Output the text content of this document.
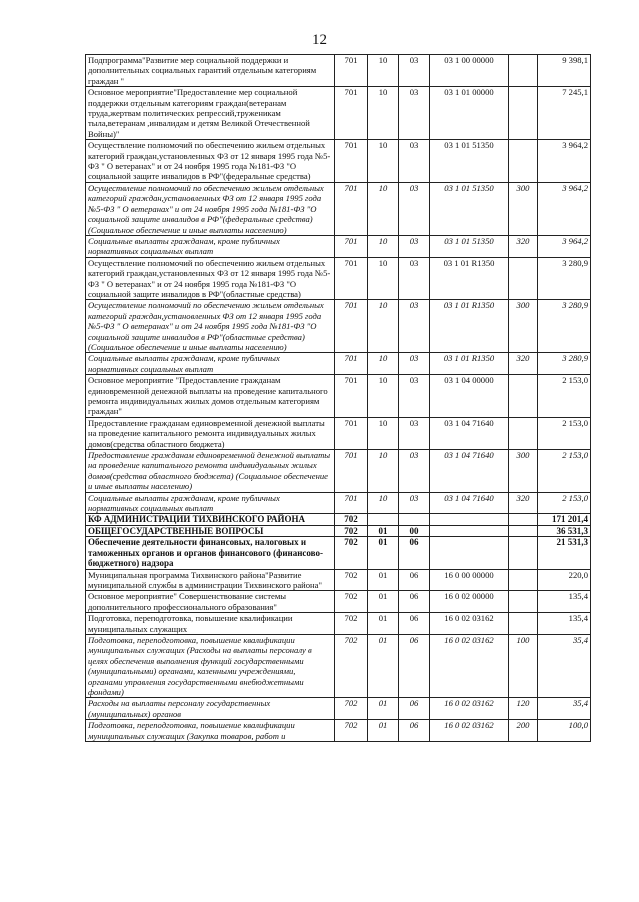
12
Подпрограмма"Развитие мер социальной поддержки и дополнительных социальных гарантий отдельным категориям граждан "	701	10	03	03 1 00 00000		9 398,1
Основное мероприятие"Предоставление мер социальной поддержки отдельным категориям граждан(ветеранам труда,жертвам политических репрессий,труженикам тыла,ветеранам ,инвалидам и детям Великой Отечественной Войны)"	701	10	03	03 1 01 00000		7 245,1
Осуществление полномочий по обеспечению жильем отдельных категорий граждан,установленных ФЗ от 12 января 1995 года №5-ФЗ " О ветеранах" и от 24 ноября 1995 года №181-ФЗ "О социальной защите инвалидов в РФ"(федеральные средства)	701	10	03	03 1 01 51350		3 964,2
Осуществление полномочий по обеспечению жильем отдельных категорий граждан,установленных ФЗ от 12 января 1995 года №5-ФЗ " О ветеранах" и от 24 ноября 1995 года №181-ФЗ "О социальной защите инвалидов в РФ"(федеральные средства) (Социальное обеспечение и иные выплаты населению)	701	10	03	03 1 01 51350	300	3 964,2
Социальные выплаты гражданам, кроме публичных нормативных социальных выплат	701	10	03	03 1 01 51350	320	3 964,2
Осуществление полномочий по обеспечению жильем отдельных категорий граждан,установленных ФЗ от 12 января 1995 года №5-ФЗ " О ветеранах" и от 24 ноября 1995 года №181-ФЗ "О социальной защите инвалидов в РФ"(областные средства)	701	10	03	03 1 01 R1350		3 280,9
Осуществление полномочий по обеспечению жильем отдельных категорий граждан,установленных ФЗ от 12 января 1995 года №5-ФЗ " О ветеранах" и от 24 ноября 1995 года №181-ФЗ "О социальной защите инвалидов в РФ"(областные средства) (Социальное обеспечение и иные выплаты населению)	701	10	03	03 1 01 R1350	300	3 280,9
Социальные выплаты гражданам, кроме публичных нормативных социальных выплат	701	10	03	03 1 01 R1350	320	3 280,9
Основное мероприятие "Предоставление гражданам единовременной денежной выплаты на проведение капитального ремонта индивидуальных жилых домов отдельным категориям граждан"	701	10	03	03 1 04 00000		2 153,0
Предоставление гражданам единовременной денежной выплаты на проведение капитального ремонта индивидуальных жилых домов(средства областного бюджета)	701	10	03	03 1 04 71640		2 153,0
Предоставление гражданам единовременной денежной выплаты на проведение капитального ремонта индивидуальных жилых домов(средства областного бюджета) (Социальное обеспечение и иные выплаты населению)	701	10	03	03 1 04 71640	300	2 153,0
Социальные выплаты гражданам, кроме публичных нормативных социальных выплат	701	10	03	03 1 04 71640	320	2 153,0
КФ АДМИНИСТРАЦИИ ТИХВИНСКОГО РАЙОНА	702					171 201,4
ОБЩЕГОСУДАРСТВЕННЫЕ ВОПРОСЫ	702	01	00			36 531,3
Обеспечение деятельности финансовых, налоговых и таможенных органов и органов финансового (финансово-бюджетного) надзора	702	01	06			21 531,3
Муниципальная программа Тихвинского района"Развитие муниципальной службы в администрации Тихвинского района"	702	01	06	16 0 00 00000		220,0
Основное мероприятие" Совершенствование системы дополнительного профессионального образования"	702	01	06	16 0 02 00000		135,4
Подготовка, переподготовка, повышение квалификации муниципальных служащих	702	01	06	16 0 02 03162		135,4
Подготовка, переподготовка, повышение квалификации муниципальных служащих (Расходы на выплаты персоналу в целях обеспечения выполнения функций государственными (муниципальными) органами, казенными учреждениями, органами управления государственными внебюджетными фондами)	702	01	06	16 0 02 03162	100	35,4
Расходы на выплаты персоналу государственных (муниципальных) органов	702	01	06	16 0 02 03162	120	35,4
Подготовка, переподготовка, повышение квалификации муниципальных служащих (Закупка товаров, работ и	702	01	06	16 0 02 03162	200	100,0
